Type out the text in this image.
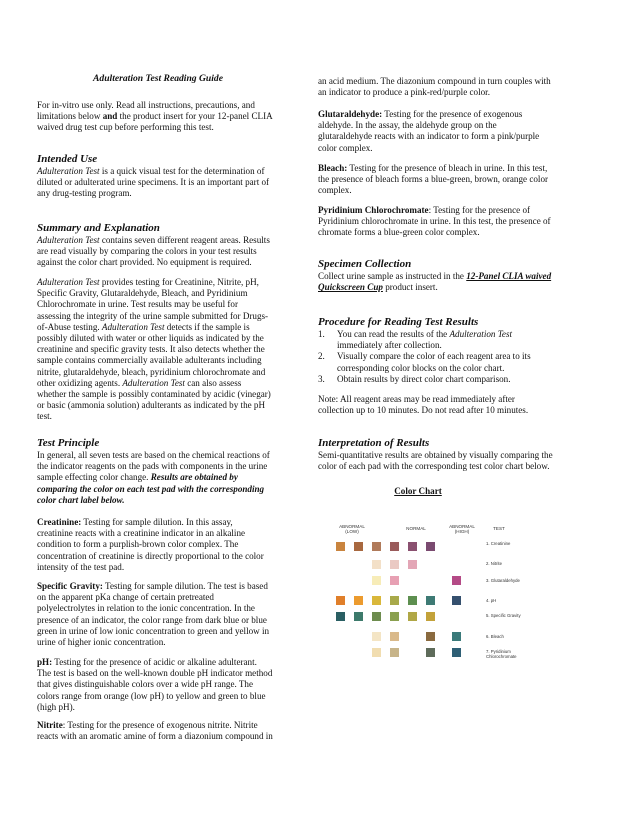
Adulteration Test Reading Guide

For in-vitro use only. Read all instructions, precautions, and

limitations below and the product insert for your 12-panel CLIA

waived drug test cup before performing this test.

Intended Use

Adulteration Test is a quick visual test for the determination of

diluted or adulterated urine specimens. It is an important part of

any drug-testing program.

Summary and Explanation

Adulteration Test contains seven different reagent areas. Results

are read visually by comparing the colors in your test results

against the color chart provided. No equipment is required.

Adulteration Test provides testing for Creatinine, Nitrite, pH,

Specific Gravity, Glutaraldehyde, Bleach, and Pyridinium

Chlorochromate in urine. Test results may be useful for

assessing the integrity of the urine sample submitted for Drugs-

of-Abuse testing. Adulteration Test detects if the sample is

possibly diluted with water or other liquids as indicated by the

creatinine and specific gravity tests. It also detects whether the

sample contains commercially available adulterants including

nitrite, glutaraldehyde, bleach, pyridinium chlorochromate and

other oxidizing agents. Adulteration Test can also assess

whether the sample is possibly contaminated by acidic (vinegar)

or basic (ammonia solution) adulterants as indicated by the pH

test.

Test Principle

In general, all seven tests are based on the chemical reactions of

the indicator reagents on the pads with components in the urine

sample effecting color change. Results are obtained by

comparing the color on each test pad with the corresponding

color chart label below.

Creatinine: Testing for sample dilution. In this assay,

creatinine reacts with a creatinine indicator in an alkaline

condition to form a purplish-brown color complex. The

concentration of creatinine is directly proportional to the color

intensity of the test pad.

Specific Gravity: Testing for sample dilution. The test is based

on the apparent pKa change of certain pretreated

polyelectrolytes in relation to the ionic concentration. In the

presence of an indicator, the color range from dark blue or blue

green in urine of low ionic concentration to green and yellow in

urine of higher ionic concentration.

pH: Testing for the presence of acidic or alkaline adulterant.

The test is based on the well-known double pH indicator method

that gives distinguishable colors over a wide pH range. The

colors range from orange (low pH) to yellow and green to blue

(high pH).

Nitrite: Testing for the presence of exogenous nitrite. Nitrite

reacts with an aromatic amine of form a diazonium compound in

an acid medium. The diazonium compound in turn couples with

an indicator to produce a pink-red/purple color.

Glutaraldehyde: Testing for the presence of exogenous

aldehyde. In the assay, the aldehyde group on the

glutaraldehyde reacts with an indicator to form a pink/purple

color complex.

Bleach: Testing for the presence of bleach in urine. In this test,

the presence of bleach forms a blue-green, brown, orange color

complex.

Pyridinium Chlorochromate: Testing for the presence of

Pyridinium chlorochromate in urine. In this test, the presence of

chromate forms a blue-green color complex.

Specimen Collection

Collect urine sample as instructed in the 12-Panel CLIA waived

Quickscreen Cup product insert.

Procedure for Reading Test Results
1. You can read the results of the Adulteration Test
immediately after collection.
2. Visually compare the color of each reagent area to its
corresponding color blocks on the color chart.
3. Obtain results by direct color chart comparison.

Note: All reagent areas may be read immediately after

collection up to 10 minutes. Do not read after 10 minutes.

Interpretation of Results

Semi-quantitative results are obtained by visually comparing the

color of each pad with the corresponding test color chart below.

Color Chart
ABNORMAL (LOW)
NORMAL	ABNORMAL (HIGH)
TEST
1. Creatinine
2. Nitrite
3. Glutaraldehyde
4. pH
5. Specific Gravity
6. Bleach
7. Pyridinium Chlorochromate
